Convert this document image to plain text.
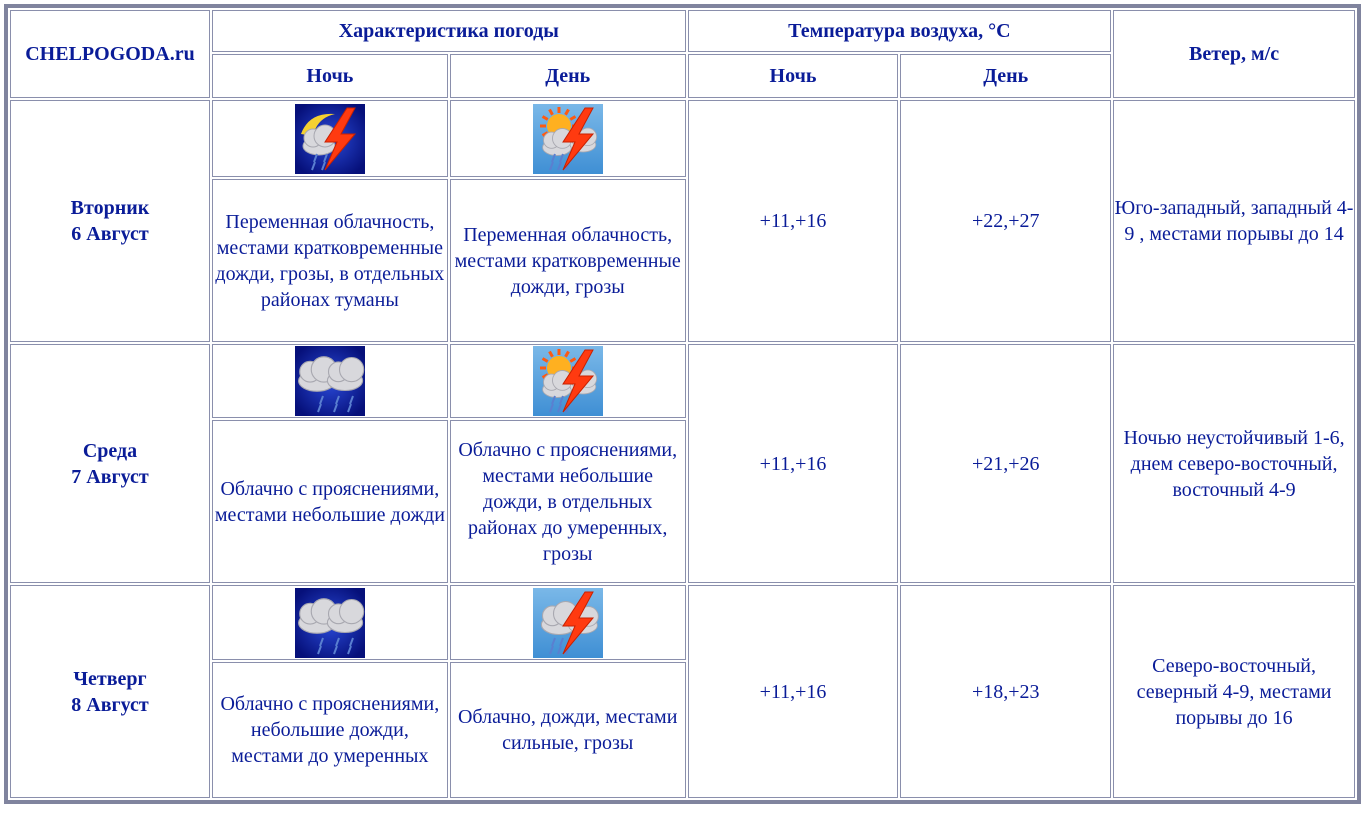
CHELPOGODA.ru	Характеристика погоды		Температура воздуха, °C		Ветер, м/с
	Ночь	День	Ночь	День	
Вторник
6 Август			+11,+16	+22,+27	Юго-западный, западный 4-9 , местами порывы до 14
	Переменная облачность, местами кратковременные дожди, грозы, в отдельных районах туманы	Переменная облачность, местами кратковременные дожди, грозы			
Среда
7 Август			+11,+16	+21,+26	Ночью неустойчивый 1-6, днем северо-восточный, восточный 4-9
	Облачно с прояснениями, местами небольшие дожди	Облачно с прояснениями, местами небольшие дожди, в отдельных районах до умеренных, грозы			
Четверг
8 Август			+11,+16	+18,+23	Северо-восточный, северный 4-9, местами порывы до 16
	Облачно с прояснениями, небольшие дожди, местами до умеренных	Облачно, дожди, местами сильные, грозы			
